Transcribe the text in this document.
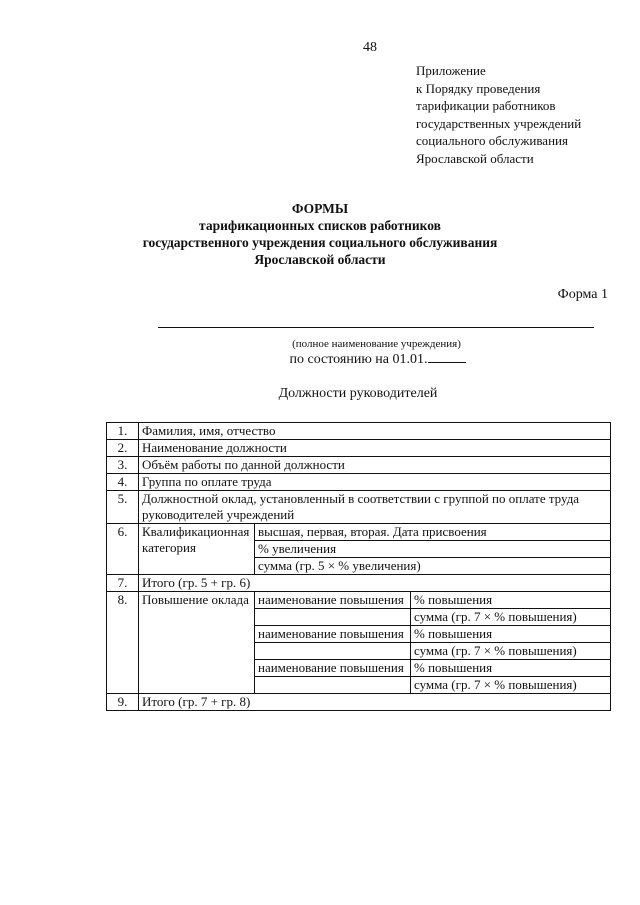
48
Приложение
к Порядку проведения
тарификации работников
государственных учреждений
социального обслуживания
Ярославской области
ФОРМЫ
тарификационных списков работников
государственного учреждения социального обслуживания
Ярославской области
Форма 1
(полное наименование учреждения)
по состоянию на 01.01.
Должности руководителей
1.	Фамилия, имя, отчество		
2.	Наименование должности		
3.	Объём работы по данной должности		
4.	Группа по оплате труда		
5.	Должностной оклад, установленный в соответствии с группой по оплате труда руководителей учреждений		
6.	Квалификационная категория	высшая, первая, вторая. Дата присвоения	
		% увеличения	
		сумма (гр. 5 × % увеличения)	
7.	Итого (гр. 5 + гр. 6)		
8.	Повышение оклада	наименование повышения	% повышения
			сумма (гр. 7 × % повышения)
		наименование повышения	% повышения
			сумма (гр. 7 × % повышения)
		наименование повышения	% повышения
			сумма (гр. 7 × % повышения)
9.	Итого (гр. 7 + гр. 8)		
